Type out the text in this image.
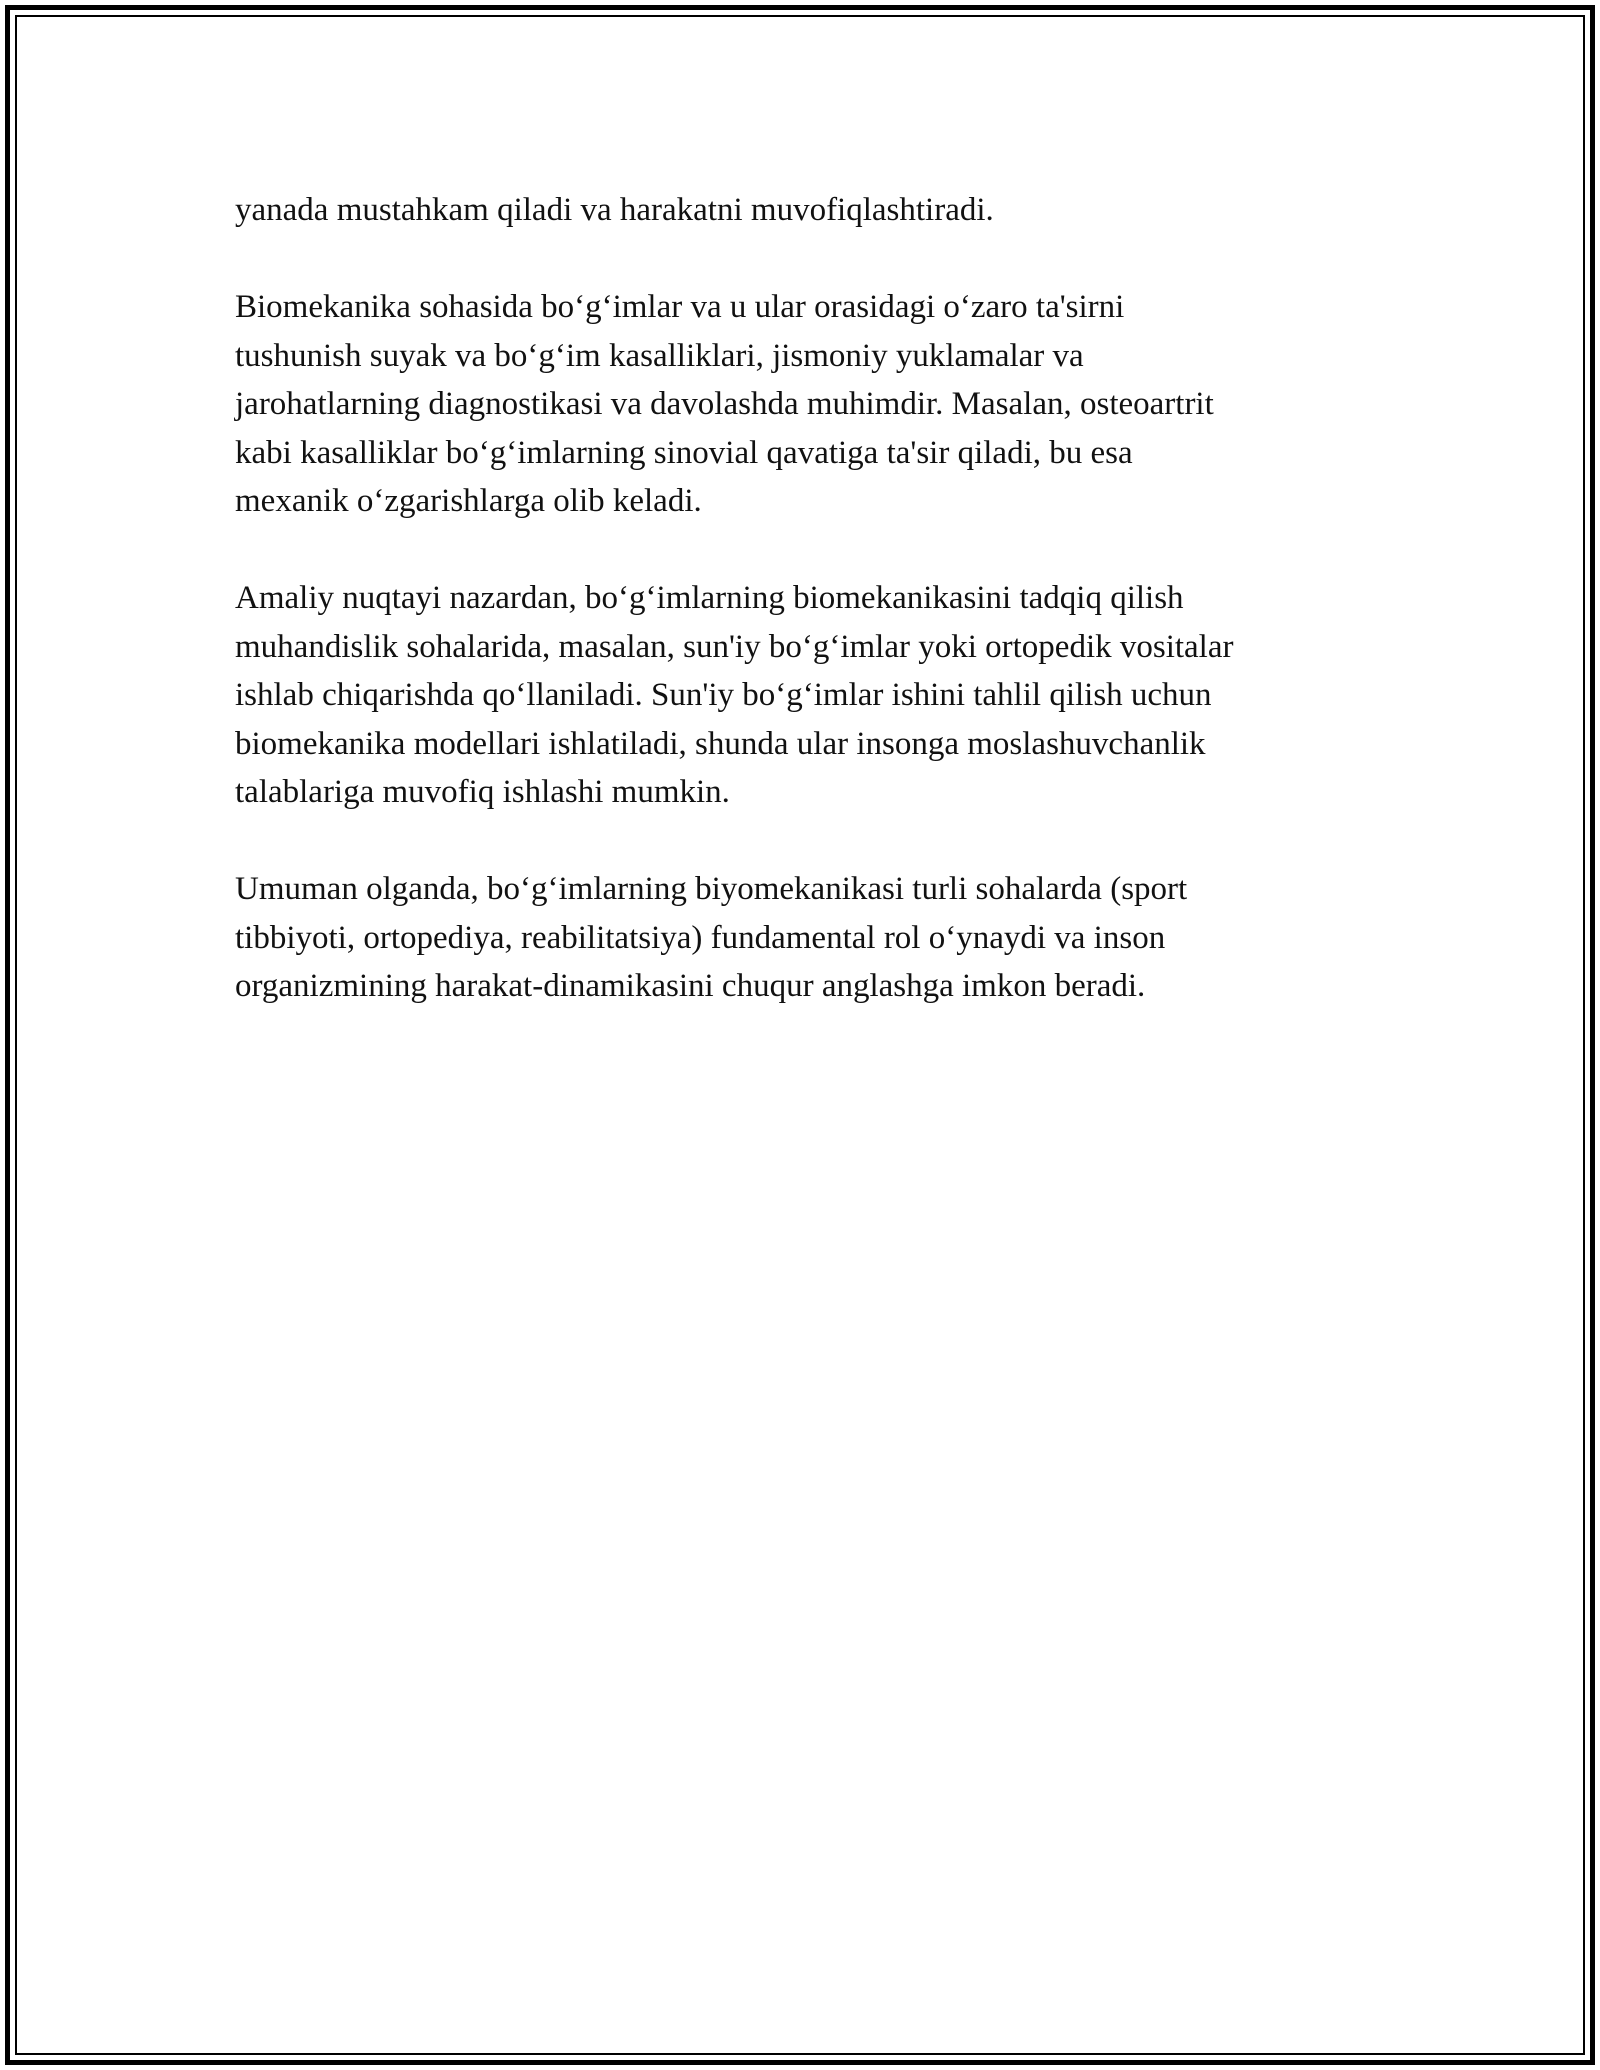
yanada mustahkam qiladi va harakatni muvofiqlashtiradi.

Biomekanika sohasida bo‘g‘imlar va u ular orasidagi o‘zaro ta'sirni
tushunish suyak va bo‘g‘im kasalliklari, jismoniy yuklamalar va
jarohatlarning diagnostikasi va davolashda muhimdir. Masalan, osteoartrit
kabi kasalliklar bo‘g‘imlarning sinovial qavatiga ta'sir qiladi, bu esa
mexanik o‘zgarishlarga olib keladi.

Amaliy nuqtayi nazardan, bo‘g‘imlarning biomekanikasini tadqiq qilish
muhandislik sohalarida, masalan, sun'iy bo‘g‘imlar yoki ortopedik vositalar
ishlab chiqarishda qo‘llaniladi. Sun'iy bo‘g‘imlar ishini tahlil qilish uchun
biomekanika modellari ishlatiladi, shunda ular insonga moslashuvchanlik
talablariga muvofiq ishlashi mumkin.

Umuman olganda, bo‘g‘imlarning biyomekanikasi turli sohalarda (sport
tibbiyoti, ortopediya, reabilitatsiya) fundamental rol o‘ynaydi va inson
organizmining harakat-dinamikasini chuqur anglashga imkon beradi.
